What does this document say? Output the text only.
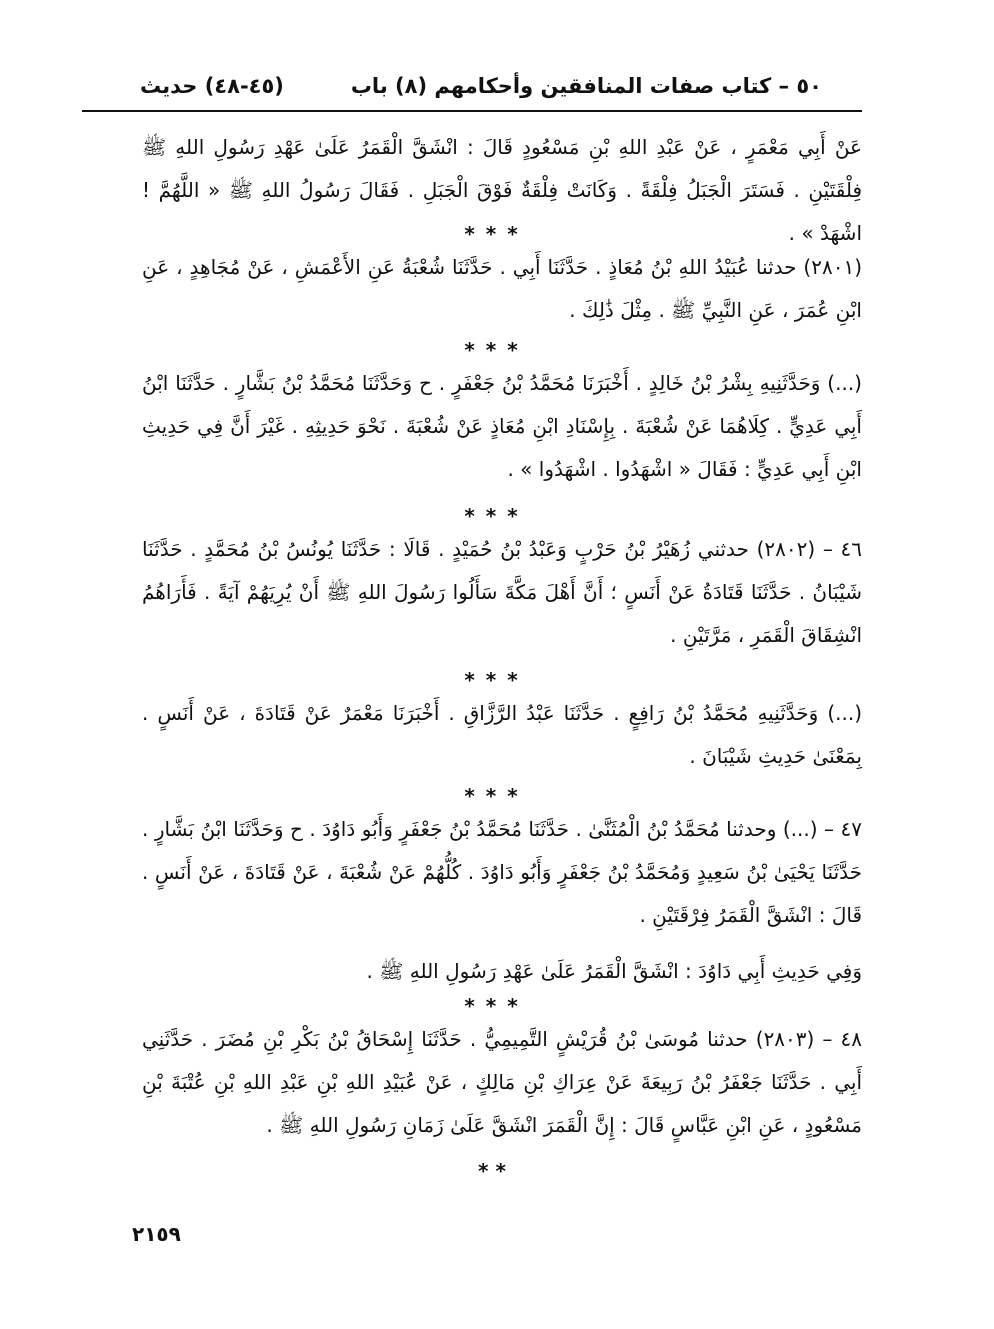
٥٠ – كتاب صفات المنافقين وأحكامهم (٨) باب
(٤٥-٤٨) حديث

عَنْ أَبِي مَعْمَرٍ ، عَنْ عَبْدِ اللهِ بْنِ مَسْعُودٍ قَالَ : انْشَقَّ الْقَمَرُ عَلَىٰ عَهْدِ رَسُولِ اللهِ ﷺ فِلْقَتَيْنِ . فَسَتَرَ الْجَبَلُ فِلْقَةً . وَكَانَتْ فِلْقَةٌ فَوْقَ الْجَبَلِ . فَقَالَ رَسُولُ اللهِ ﷺ « اللَّهُمَّ ! اشْهَدْ » .

* * *

(٢٨٠١) حدثنا عُبَيْدُ اللهِ بْنُ مُعَاذٍ . حَدَّثَنَا أَبِي . حَدَّثَنَا شُعْبَةُ عَنِ الأَعْمَشِ ، عَنْ مُجَاهِدٍ ، عَنِ ابْنِ عُمَرَ ، عَنِ النَّبِيِّ ﷺ . مِثْلَ ذَٰلِكَ .

* * *

(...) وَحَدَّثَنِيهِ بِشْرُ بْنُ خَالِدٍ . أَخْبَرَنَا مُحَمَّدُ بْنُ جَعْفَرٍ . ح وَحَدَّثَنَا مُحَمَّدُ بْنُ بَشَّارٍ . حَدَّثَنَا ابْنُ أَبِي عَدِيٍّ . كِلَاهُمَا عَنْ شُعْبَةَ . بِإِسْنَادِ ابْنِ مُعَاذٍ عَنْ شُعْبَةَ . نَحْوَ حَدِيثِهِ . غَيْرَ أَنَّ فِي حَدِيثِ ابْنِ أَبِي عَدِيٍّ : فَقَالَ « اشْهَدُوا . اشْهَدُوا » .

* * *

٤٦ – (٢٨٠٢) حدثني زُهَيْرُ بْنُ حَرْبٍ وَعَبْدُ بْنُ حُمَيْدٍ . قَالَا : حَدَّثَنَا يُونُسُ بْنُ مُحَمَّدٍ . حَدَّثَنَا شَيْبَانُ . حَدَّثَنَا قَتَادَةُ عَنْ أَنَسٍ ؛ أَنَّ أَهْلَ مَكَّةَ سَأَلُوا رَسُولَ اللهِ ﷺ أَنْ يُرِيَهُمْ آيَةً . فَأَرَاهُمُ انْشِقَاقَ الْقَمَرِ ، مَرَّتَيْنِ .

* * *

(...) وَحَدَّثَنِيهِ مُحَمَّدُ بْنُ رَافِعٍ . حَدَّثَنَا عَبْدُ الرَّزَّاقِ . أَخْبَرَنَا مَعْمَرٌ عَنْ قَتَادَةَ ، عَنْ أَنَسٍ . بِمَعْنَىٰ حَدِيثِ شَيْبَانَ .

* * *

٤٧ – (...) وحدثنا مُحَمَّدُ بْنُ الْمُثَنَّىٰ . حَدَّثَنَا مُحَمَّدُ بْنُ جَعْفَرٍ وَأَبُو دَاوُدَ . ح وَحَدَّثَنَا ابْنُ بَشَّارٍ . حَدَّثَنَا يَحْيَىٰ بْنُ سَعِيدٍ وَمُحَمَّدُ بْنُ جَعْفَرٍ وَأَبُو دَاوُدَ . كُلُّهُمْ عَنْ شُعْبَةَ ، عَنْ قَتَادَةَ ، عَنْ أَنَسٍ . قَالَ : انْشَقَّ الْقَمَرُ فِرْقَتَيْنِ .

وَفِي حَدِيثِ أَبِي دَاوُدَ : انْشَقَّ الْقَمَرُ عَلَىٰ عَهْدِ رَسُولِ اللهِ ﷺ .

* * *

٤٨ – (٢٨٠٣) حدثنا مُوسَىٰ بْنُ قُرَيْشٍ التَّمِيمِيُّ . حَدَّثَنَا إِسْحَاقُ بْنُ بَكْرِ بْنِ مُضَرَ . حَدَّثَنِي أَبِي . حَدَّثَنَا جَعْفَرُ بْنُ رَبِيعَةَ عَنْ عِرَاكِ بْنِ مَالِكٍ ، عَنْ عُبَيْدِ اللهِ بْنِ عَبْدِ اللهِ بْنِ عُتْبَةَ بْنِ مَسْعُودٍ ، عَنِ ابْنِ عَبَّاسٍ قَالَ : إِنَّ الْقَمَرَ انْشَقَّ عَلَىٰ زَمَانِ رَسُولِ اللهِ ﷺ .

* *
٢١٥٩
